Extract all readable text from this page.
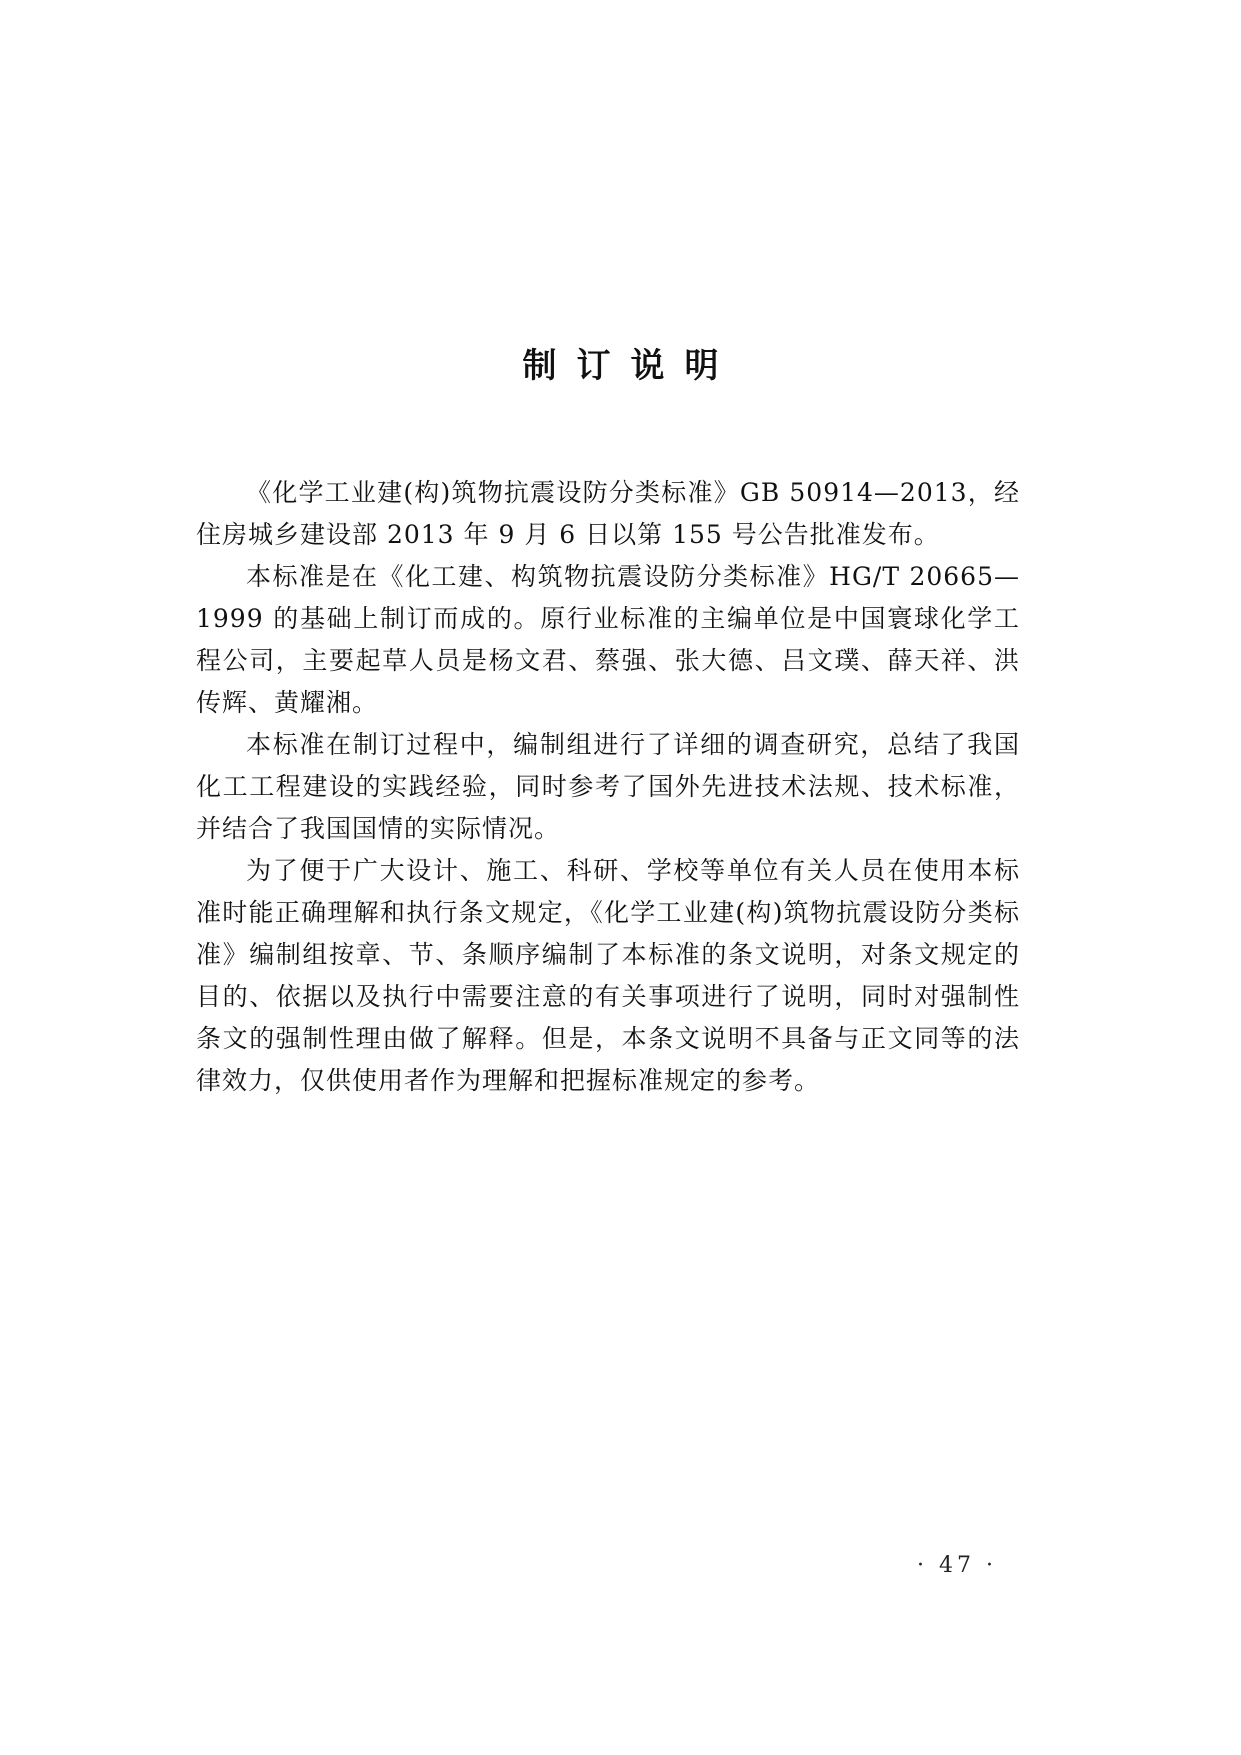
制订说明

《化学工业建(构)筑物抗震设防分类标准》GB 50914—2013，经住房城乡建设部 2013 年 9 月 6 日以第 155 号公告批准发布。

本标准是在《化工建、构筑物抗震设防分类标准》HG/T 20665—1999 的基础上制订而成的。原行业标准的主编单位是中国寰球化学工程公司，主要起草人员是杨文君、蔡强、张大德、吕文璞、薛天祥、洪传辉、黄耀湘。

本标准在制订过程中，编制组进行了详细的调查研究，总结了我国化工工程建设的实践经验，同时参考了国外先进技术法规、技术标准，并结合了我国国情的实际情况。

为了便于广大设计、施工、科研、学校等单位有关人员在使用本标准时能正确理解和执行条文规定，《化学工业建(构)筑物抗震设防分类标准》编制组按章、节、条顺序编制了本标准的条文说明，对条文规定的目的、依据以及执行中需要注意的有关事项进行了说明，同时对强制性条文的强制性理由做了解释。但是，本条文说明不具备与正文同等的法律效力，仅供使用者作为理解和把握标准规定的参考。

· 47 ·
